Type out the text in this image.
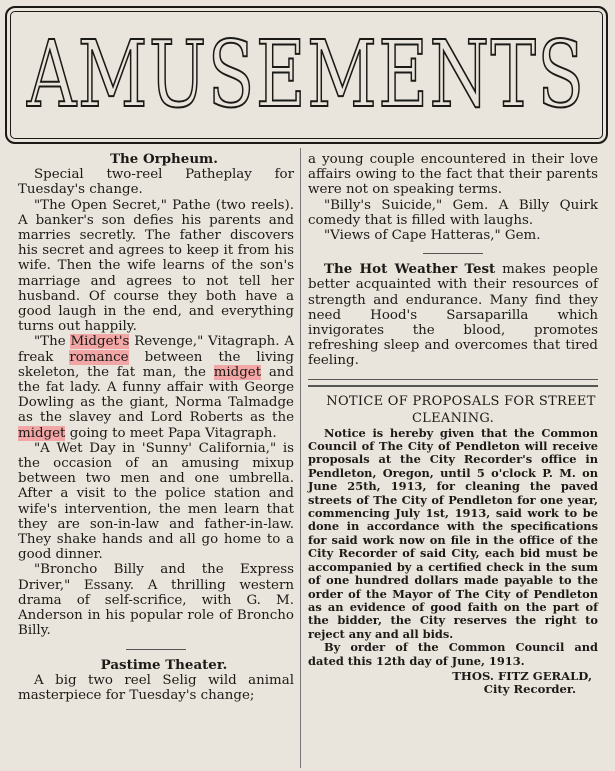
AMUSEMENTS

The Orpheum.

Special two-reel Patheplay for Tuesday's change.

"The Open Secret," Pathe (two reels). A banker's son defies his parents and marries secretly. The father discovers his secret and agrees to keep it from his wife. Then the wife learns of the son's marriage and agrees to not tell her husband. Of course they both have a good laugh in the end, and everything turns out happily.

"The Midget's Revenge," Vitagraph. A freak romance between the living skeleton, the fat man, the midget and the fat lady. A funny affair with George Dowling as the giant, Norma Talmadge as the slavey and Lord Roberts as the midget going to meet Papa Vitagraph.

"A Wet Day in 'Sunny' California," is the occasion of an amusing mixup between two men and one umbrella. After a visit to the police station and wife's intervention, the men learn that they are son-in-law and father-in-law. They shake hands and all go home to a good dinner.

"Broncho Billy and the Express Driver," Essany. A thrilling western drama of self-scrifice, with G. M. Anderson in his popular role of Broncho Billy.

Pastime Theater.

A big two reel Selig wild animal masterpiece for Tuesday's change;

a young couple encountered in their love affairs owing to the fact that their parents were not on speaking terms.

"Billy's Suicide," Gem. A Billy Quirk comedy that is filled with laughs.

"Views of Cape Hatteras," Gem.

The Hot Weather Test makes people better acquainted with their resources of strength and endurance. Many find they need Hood's Sarsaparilla which invigorates the blood, promotes refreshing sleep and overcomes that tired feeling.

NOTICE OF PROPOSALS FOR STREET CLEANING.

Notice is hereby given that the Common Council of The City of Pendleton will receive proposals at the City Recorder's office in Pendleton, Oregon, until 5 o'clock P. M. on June 25th, 1913, for cleaning the paved streets of The City of Pendleton for one year, commencing July 1st, 1913, said work to be done in accordance with the specifications for said work now on file in the office of the City Recorder of said City, each bid must be accompanied by a certified check in the sum of one hundred dollars made payable to the order of the Mayor of The City of Pendleton as an evidence of good faith on the part of the bidder, the City reserves the right to reject any and all bids.

By order of the Common Council and dated this 12th day of June, 1913.

THOS. FITZ GERALD,
City Recorder.
